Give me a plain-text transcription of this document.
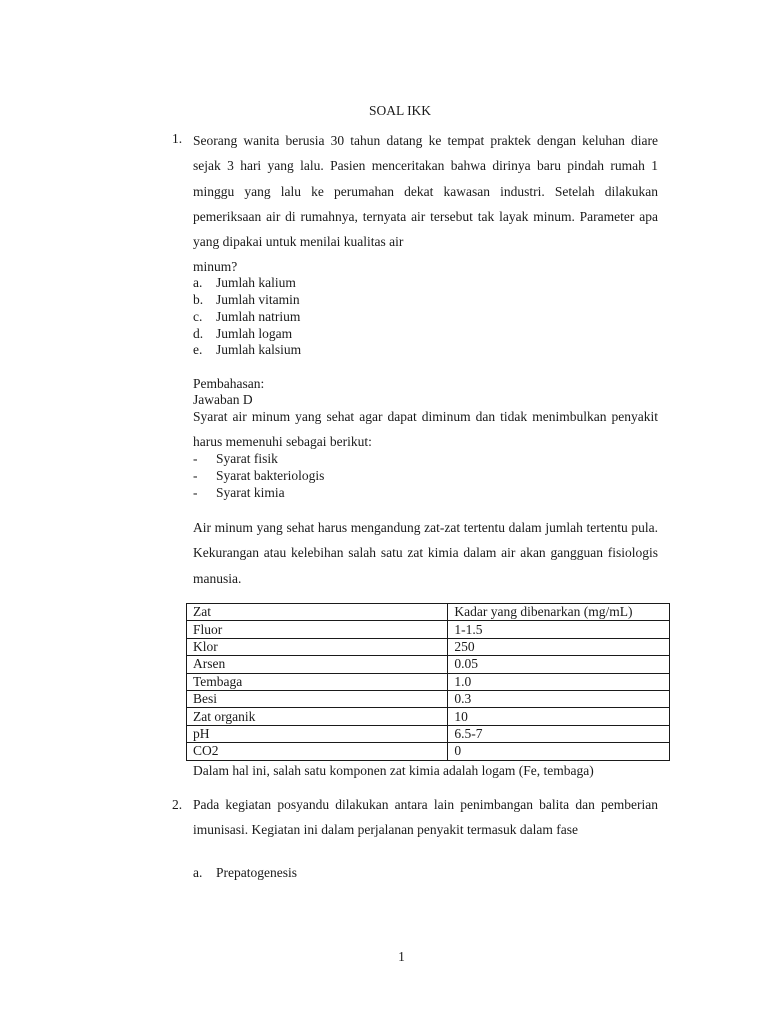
SOAL IKK
1. Seorang wanita berusia 30 tahun datang ke tempat praktek dengan keluhan diare sejak 3 hari yang lalu. Pasien menceritakan bahwa dirinya baru pindah rumah 1 minggu yang lalu ke perumahan dekat kawasan industri. Setelah dilakukan pemeriksaan air di rumahnya, ternyata air tersebut tak layak minum. Parameter apa yang dipakai untuk menilai kualitas air
minum?
a. Jumlah kalium
b. Jumlah vitamin
c. Jumlah natrium
d. Jumlah logam
e. Jumlah kalsium
Pembahasan:
Jawaban D
Syarat air minum yang sehat agar dapat diminum dan tidak menimbulkan penyakit harus memenuhi sebagai berikut:
- Syarat fisik
- Syarat bakteriologis
- Syarat kimia
Air minum yang sehat harus mengandung zat-zat tertentu dalam jumlah tertentu pula. Kekurangan atau kelebihan salah satu zat kimia dalam air akan gangguan fisiologis manusia.
Zat	Kadar yang dibenarkan (mg/mL)
Fluor	1-1.5
Klor	250
Arsen	0.05
Tembaga	1.0
Besi	0.3
Zat organik	10
pH	6.5-7
CO2	0
Dalam hal ini, salah satu komponen zat kimia adalah logam (Fe, tembaga)
2. Pada kegiatan posyandu dilakukan antara lain penimbangan balita dan pemberian imunisasi. Kegiatan ini dalam perjalanan penyakit termasuk dalam fase
a. Prepatogenesis
1
